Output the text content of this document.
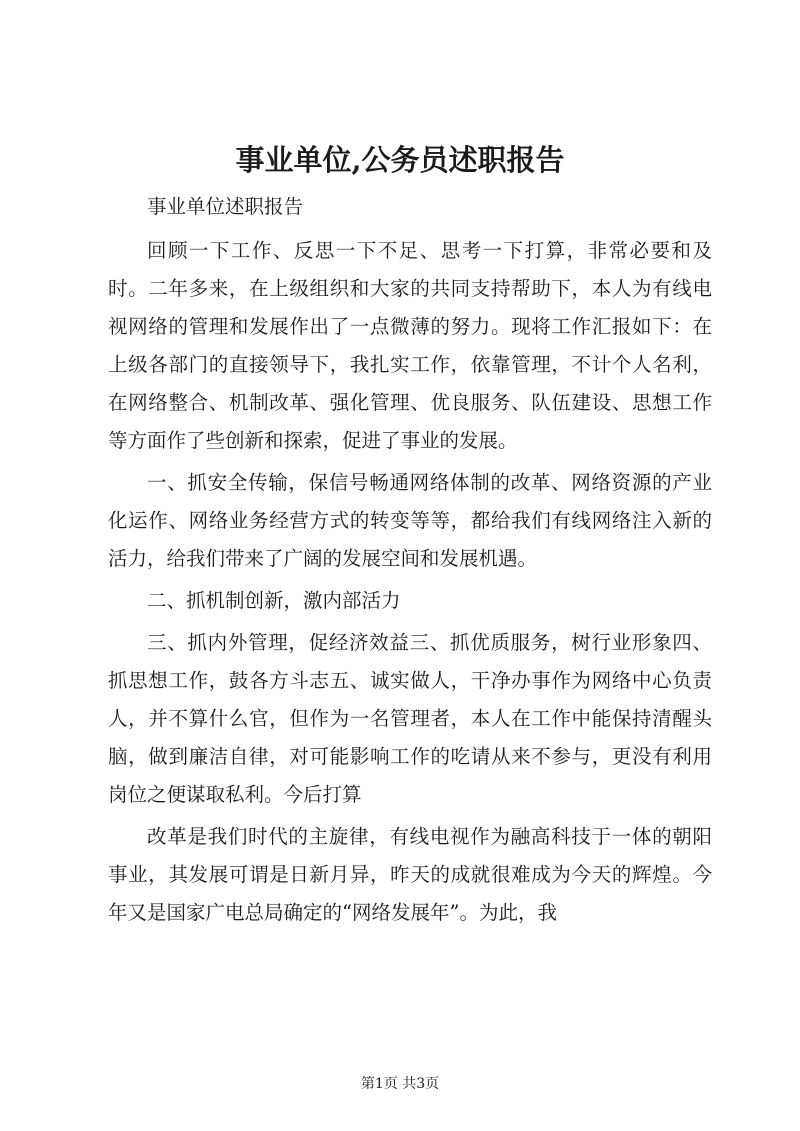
事业单位,公务员述职报告

事业单位述职报告

回顾一下工作、反思一下不足、思考一下打算，非常必要和及时。二年多来，在上级组织和大家的共同支持帮助下，本人为有线电视网络的管理和发展作出了一点微薄的努力。现将工作汇报如下：在上级各部门的直接领导下，我扎实工作，依靠管理，不计个人名利，在网络整合、机制改革、强化管理、优良服务、队伍建设、思想工作等方面作了些创新和探索，促进了事业的发展。

一、抓安全传输，保信号畅通网络体制的改革、网络资源的产业化运作、网络业务经营方式的转变等等，都给我们有线网络注入新的活力，给我们带来了广阔的发展空间和发展机遇。

二、抓机制创新，激内部活力

三、抓内外管理，促经济效益三、抓优质服务，树行业形象四、抓思想工作，鼓各方斗志五、诚实做人，干净办事作为网络中心负责人，并不算什么官，但作为一名管理者，本人在工作中能保持清醒头脑，做到廉洁自律，对可能影响工作的吃请从来不参与，更没有利用岗位之便谋取私利。今后打算

改革是我们时代的主旋律，有线电视作为融高科技于一体的朝阳事业，其发展可谓是日新月异，昨天的成就很难成为今天的辉煌。今年又是国家广电总局确定的“网络发展年”。为此，我

第1页 共3页
